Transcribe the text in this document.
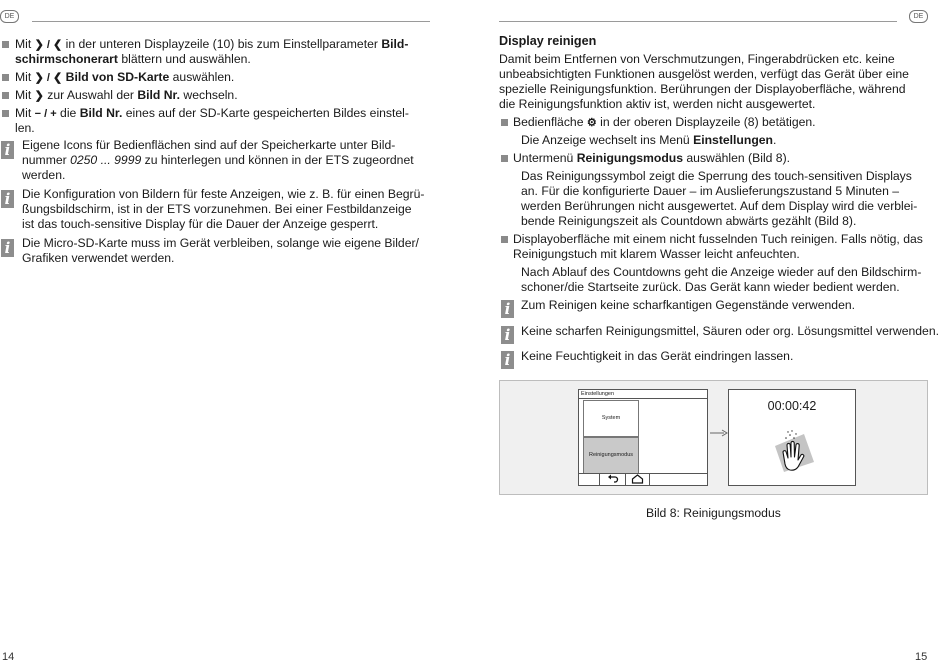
DE
Mit ❯ / ❮ in der unteren Displayzeile (10) bis zum Einstellparameter Bild-
schirmschonerart blättern und auswählen.
Mit ❯ / ❮ Bild von SD-Karte auswählen.
Mit ❯ zur Auswahl der Bild Nr. wechseln.
Mit − / + die Bild Nr. eines auf der SD-Karte gespeicherten Bildes einstel-
len.
i Eigene Icons für Bedienflächen sind auf der Speicherkarte unter Bild-
nummer 0250 ... 9999 zu hinterlegen und können in der ETS zugeordnet
werden.
i Die Konfiguration von Bildern für feste Anzeigen, wie z. B. für einen Begrü-
ßungsbildschirm, ist in der ETS vorzunehmen. Bei einer Festbildanzeige
ist das touch-sensitive Display für die Dauer der Anzeige gesperrt.
i Die Micro-SD-Karte muss im Gerät verbleiben, solange wie eigene Bilder/
Grafiken verwendet werden.
14
DE
Display reinigen
Damit beim Entfernen von Verschmutzungen, Fingerabdrücken etc. keine
unbeabsichtigten Funktionen ausgelöst werden, verfügt das Gerät über eine
spezielle Reinigungsfunktion. Berührungen der Displayoberfläche, während
die Reinigungsfunktion aktiv ist, werden nicht ausgewertet.
Bedienfläche ⚙ in der oberen Displayzeile (8) betätigen.
Die Anzeige wechselt ins Menü Einstellungen.
Untermenü Reinigungsmodus auswählen (Bild 8).
Das Reinigungssymbol zeigt die Sperrung des touch-sensitiven Displays
an. Für die konfigurierte Dauer – im Auslieferungszustand 5 Minuten –
werden Berührungen nicht ausgewertet. Auf dem Display wird die verblei-
bende Reinigungszeit als Countdown abwärts gezählt (Bild 8).
Displayoberfläche mit einem nicht fusselnden Tuch reinigen. Falls nötig, das
Reinigungstuch mit klarem Wasser leicht anfeuchten.
Nach Ablauf des Countdowns geht die Anzeige wieder auf den Bildschirm-
schoner/die Startseite zurück. Das Gerät kann wieder bedient werden.
i Zum Reinigen keine scharfkantigen Gegenstände verwenden.
i Keine scharfen Reinigungsmittel, Säuren oder org. Lösungsmittel verwenden.
i Keine Feuchtigkeit in das Gerät eindringen lassen.
Einstellungen
System
Reinigungsmodus
00:00:42
Bild 8: Reinigungsmodus
15
